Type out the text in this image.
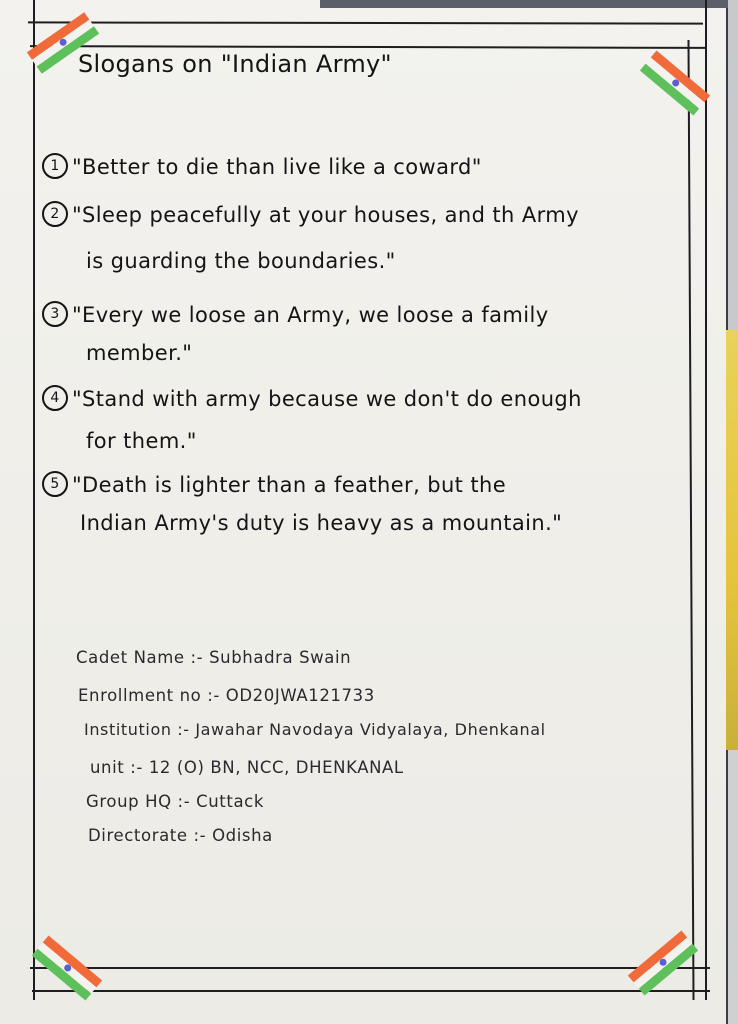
Slogans on "Indian Army"
1 "Better to die than live like a coward"
2 "Sleep peacefully at your houses, and th Army
is guarding the boundaries."
3 "Every we loose an Army, we loose a family
member."
4 "Stand with army because we don't do enough
for them."
5 "Death is lighter than a feather, but the
Indian Army's duty is heavy as a mountain."
Cadet Name :- Subhadra Swain
Enrollment no :- OD20JWA121733
Institution :- Jawahar Navodaya Vidyalaya, Dhenkanal
unit :- 12 (O) BN, NCC, DHENKANAL
Group HQ :- Cuttack
Directorate :- Odisha
